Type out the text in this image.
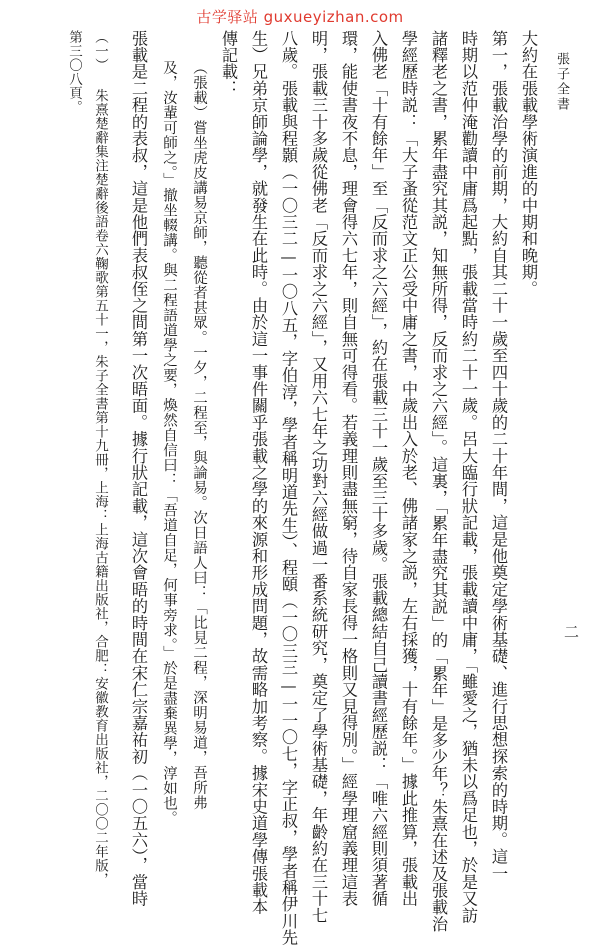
古学驿站 guxueyizhan.com
張子全書
大約在張載學術演進的中期和晚期。
第一，張載治學的前期，大約自其二十一歲至四十歲的二十年間，這是他奠定學術基礎、進行思想探索的時期。這一
時期以范仲淹勸讀中庸爲起點，張載當時約二十一歲。呂大臨行狀記載，張載讀中庸，「雖愛之，猶未以爲足也，於是又訪
諸釋老之書，累年盡究其説，知無所得，反而求之六經」。這裏，「累年盡究其説」的「累年」是多少年？朱熹在述及張載治
學經歷時説：「大子蚤從范文正公受中庸之書，中歲出入於老、佛諸家之説，左右採獲，十有餘年。」據此推算，張載出
入佛老「十有餘年」至「反而求之六經」，約在張載三十一歲至三十多歲。張載總結自己讀書經歷説：「唯六經則須著循
環，能使書夜不息，理會得六七年，則自無可得看。若義理則盡無窮，待自家長得一格則又見得別。」經學理窟義理這表
明，張載三十多歲從佛老「反而求之六經」，又用六七年之功對六經做過一番系統研究，奠定了學術基礎，年齡約在三十七
八歲。張載與程顥（一〇三二—一〇八五，字伯淳，學者稱明道先生）、程頤（一〇三三—一一〇七，字正叔，學者稱伊川先
生）兄弟京師論學，就發生在此時。由於這一事件關乎張載之學的來源和形成問題，故需略加考察。據宋史道學傳張載本
傳記載：
（張載）嘗坐虎皮講易京師，聽從者甚眾。一夕，二程至，與論易。次日語人曰：「比見二程，深明易道，吾所弗
及，汝輩可師之。」撤坐輟講。與二程語道學之要，煥然自信曰：「吾道自足，何事旁求。」於是盡棄異學，淳如也。
張載是二程的表叔，這是他們表叔侄之間第一次晤面。據行狀記載，這次會晤的時間在宋仁宗嘉祐初（一〇五六），當時
（一） 朱熹楚辭集注楚辭後語卷六鞠歌第五十一，朱子全書第十九冊，上海：上海古籍出版社，合肥：安徽教育出版社，二〇〇二年版，
第三〇八頁。
二
